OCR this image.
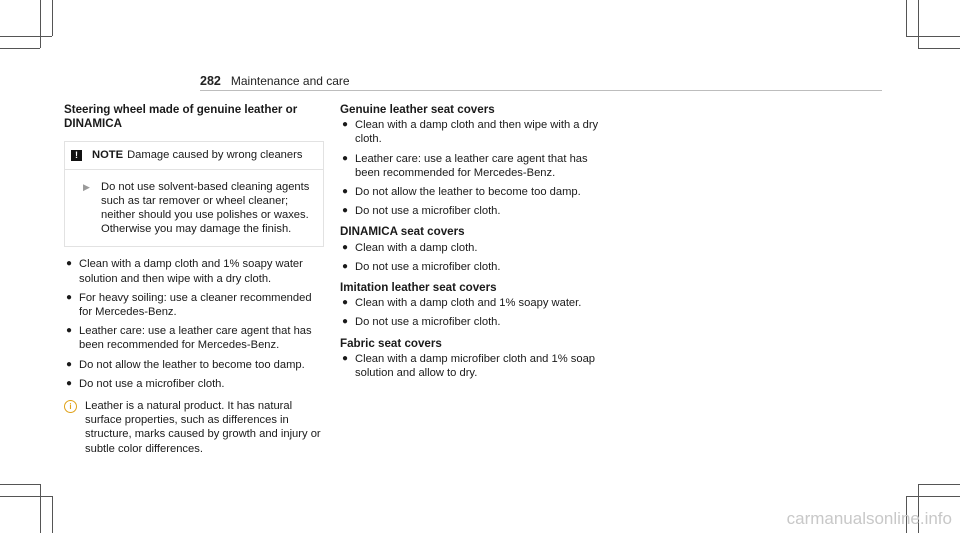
282 Maintenance and care
Steering wheel made of genuine leather or DINAMICA
!	NOTE Damage caused by wrong cleaners
▶ Do not use solvent-based cleaning agents such as tar remover or wheel cleaner; neither should you use polishes or waxes. Otherwise you may damage the finish.
● Clean with a damp cloth and 1% soapy water solution and then wipe with a dry cloth.
● For heavy soiling: use a cleaner recommended for Mercedes-Benz.
● Leather care: use a leather care agent that has been recommended for Mercedes-Benz.
● Do not allow the leather to become too damp.
● Do not use a microfiber cloth.
i	Leather is a natural product. It has natural surface properties, such as differences in structure, marks caused by growth and injury or subtle color differences.
Genuine leather seat covers
● Clean with a damp cloth and then wipe with a dry cloth.
● Leather care: use a leather care agent that has been recommended for Mercedes-Benz.
● Do not allow the leather to become too damp.
● Do not use a microfiber cloth.
DINAMICA seat covers
● Clean with a damp cloth.
● Do not use a microfiber cloth.
Imitation leather seat covers
● Clean with a damp cloth and 1% soapy water.
● Do not use a microfiber cloth.
Fabric seat covers
● Clean with a damp microfiber cloth and 1% soap solution and allow to dry.
carmanualsonline.info
